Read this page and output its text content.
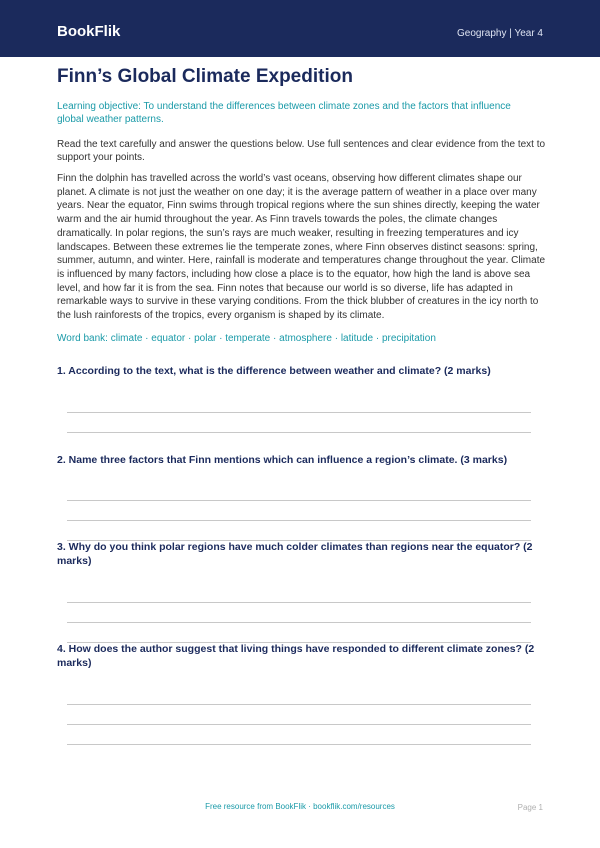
BookFlik	Geography | Year 4
Finn’s Global Climate Expedition
Learning objective: To understand the differences between climate zones and the factors that influence global weather patterns.
Read the text carefully and answer the questions below. Use full sentences and clear evidence from the text to support your points.
Finn the dolphin has travelled across the world’s vast oceans, observing how different climates shape our planet. A climate is not just the weather on one day; it is the average pattern of weather in a place over many years. Near the equator, Finn swims through tropical regions where the sun shines directly, keeping the water warm and the air humid throughout the year. As Finn travels towards the poles, the climate changes dramatically. In polar regions, the sun’s rays are much weaker, resulting in freezing temperatures and icy landscapes. Between these extremes lie the temperate zones, where Finn observes distinct seasons: spring, summer, autumn, and winter. Here, rainfall is moderate and temperatures change throughout the year. Climate is influenced by many factors, including how close a place is to the equator, how high the land is above sea level, and how far it is from the sea. Finn notes that because our world is so diverse, life has adapted in remarkable ways to survive in these varying conditions. From the thick blubber of creatures in the icy north to the lush rainforests of the tropics, every organism is shaped by its climate.
Word bank: climate · equator · polar · temperate · atmosphere · latitude · precipitation
1. According to the text, what is the difference between weather and climate? (2 marks)
2. Name three factors that Finn mentions which can influence a region’s climate. (3 marks)
3. Why do you think polar regions have much colder climates than regions near the equator? (2 marks)
4. How does the author suggest that living things have responded to different climate zones? (2 marks)
Free resource from BookFlik · bookflik.com/resources	Page 1
